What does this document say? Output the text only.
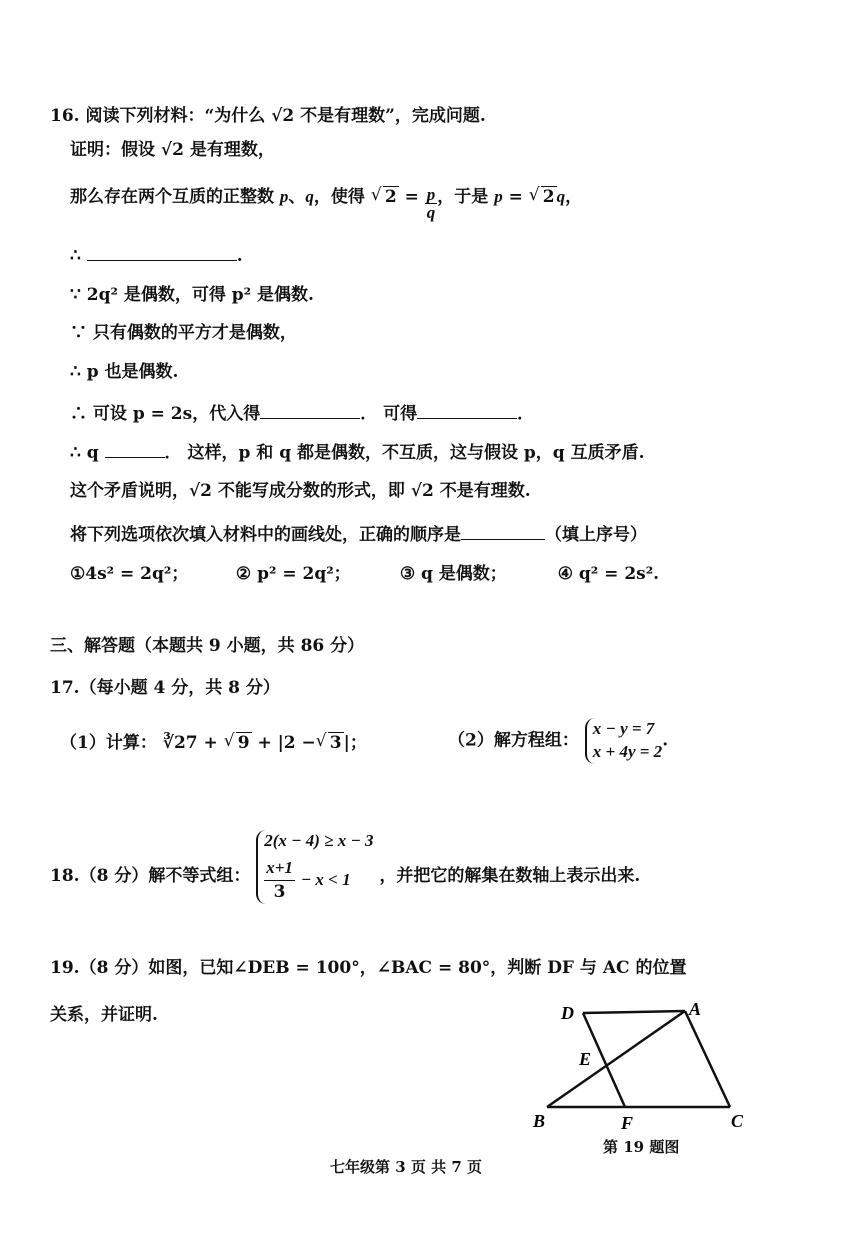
16. 阅读下列材料：“为什么 √2 不是有理数”，完成问题.
证明：假设 √2 是有理数，
那么存在两个互质的正整数 p、q，使得 √ $2 = \frac{p}{q}$ ，于是 p = √ 2 q，
∴	.
∵ 2q² 是偶数，可得 p² 是偶数.
∵ 只有偶数的平方才是偶数，
∴ p 也是偶数.
∴ 可设 p = 2s，代入得	． 可得	．
∴ q	． 这样，p 和 q 都是偶数，不互质，这与假设 p，q 互质矛盾.
这个矛盾说明，√2 不能写成分数的形式，即 √2 不是有理数.
将下列选项依次填入材料中的画线处，正确的顺序是	（填上序号）
①4s² = 2q²；	② p² = 2q²；	③ q 是偶数；	④ q² = 2s².
三、解答题（本题共 9 小题，共 86 分）
17.（每小题 4 分，共 8 分）
（1）计算： ∛27 + √ 9 + |2 − √ 3 |；	（2）解方程组：
x − y = 7
x + 4y = 2
.
18.（8 分）解不等式组：
2(x − 4) ≥ x − 3
$\frac{x+1}{3} - x < 1$	，并把它的解集在数轴上表示出来.
19.（8 分）如图，已知∠DEB = 100°，∠BAC = 80°，判断 DF 与 AC 的位置
关系，并证明.	D	A
E
B	F	C
第 19 题图
七年级第 3 页 共 7 页
